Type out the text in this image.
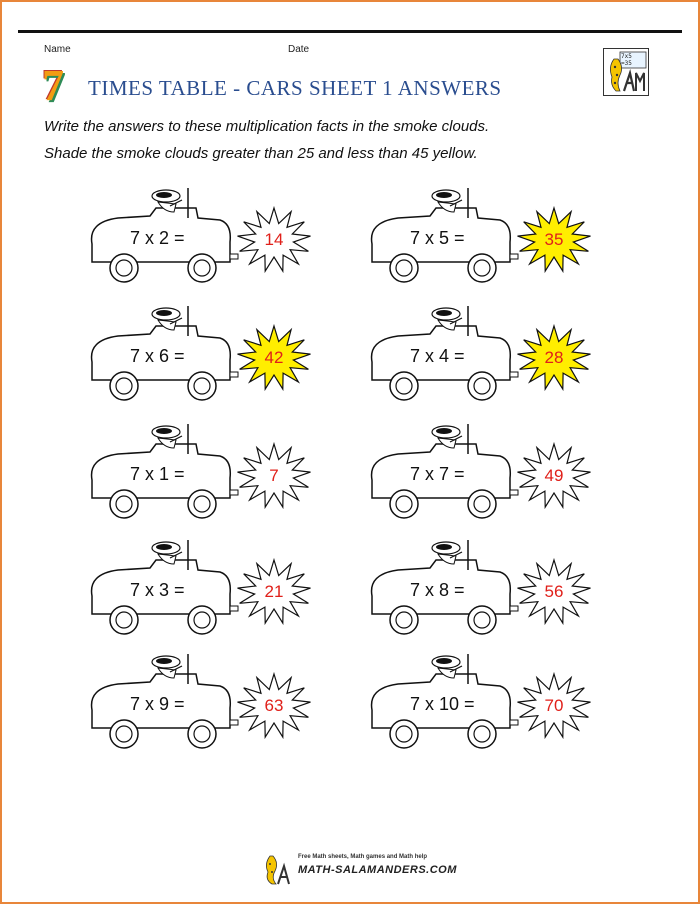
Name	Date
7x5 =35
7 TIMES TABLE - CARS SHEET 1 ANSWERS
Write the answers to these multiplication facts in the smoke clouds.
Shade the smoke clouds greater than 25 and less than 45 yellow.
7 x 2 =	14	7 x 5 =	35
7 x 6 =	42	7 x 4 =	28
7 x 1 =	7	7 x 7 =	49
7 x 3 =	21	7 x 8 =	56
7 x 9 =	63	7 x 10 =	70
Free Math sheets, Math games and Math help
MATH-SALAMANDERS.COM
